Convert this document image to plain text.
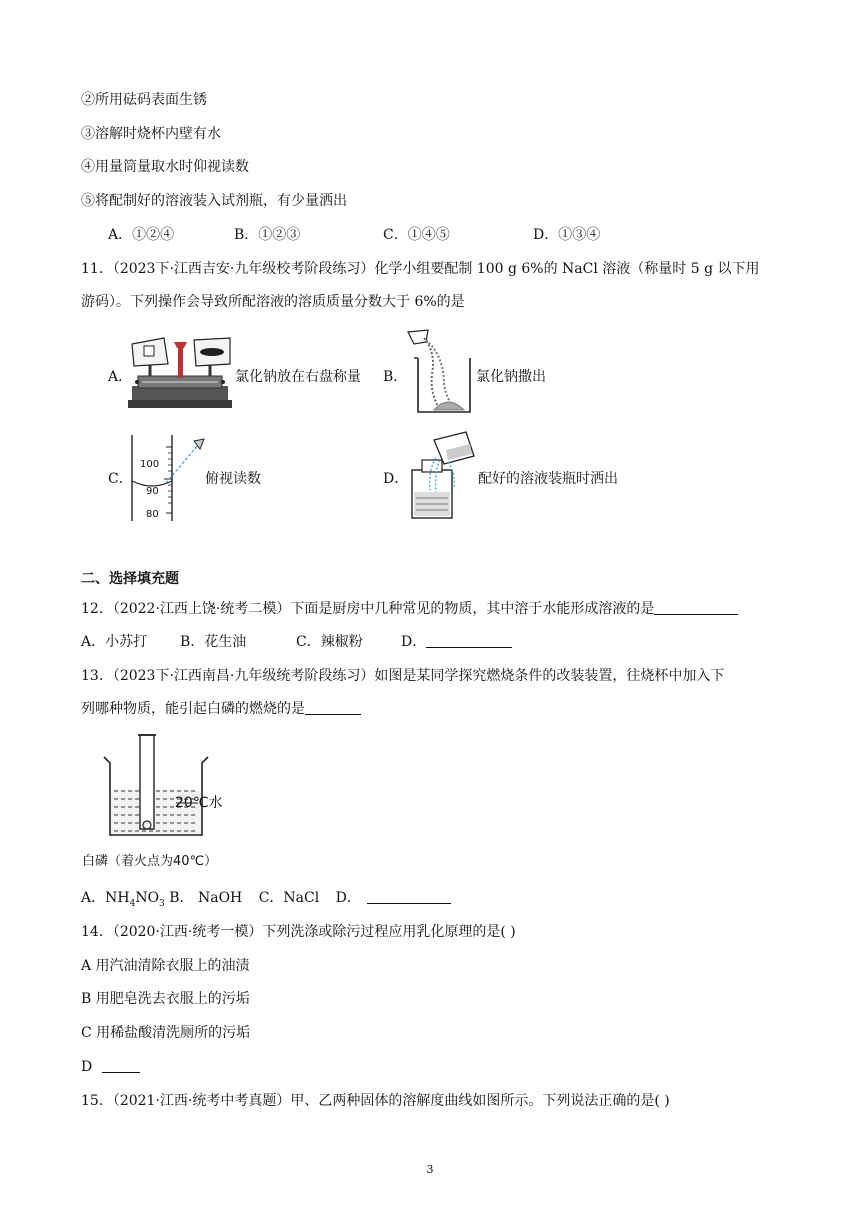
②所用砝码表面生锈
③溶解时烧杯内壁有水
④用量筒量取水时仰视读数
⑤将配制好的溶液装入试剂瓶，有少量洒出
A．①②④	B．①②③	C．①④⑤	D．①③④
11．（2023下·江西吉安·九年级校考阶段练习）化学小组要配制 100 g 6%的 NaCl 溶液（称量时 5 g 以下用
游码）。下列操作会导致所配溶液的溶质质量分数大于 6%的是
A．	氯化钠放在右盘称量 B．	氯化钠撒出
C．
100
90
80
俯视读数	D．	配好的溶液装瓶时洒出
二、选择填充题
12．（2022·江西上饶·统考二模）下面是厨房中几种常见的物质，其中溶于水能形成溶液的是
A．小苏打 B．花生油	C．辣椒粉	D．
13．（2023下·江西南昌·九年级统考阶段练习）如图是某同学探究燃烧条件的改装装置，往烧杯中加入下
列哪种物质，能引起白磷的燃烧的是
20℃水
白磷（着火点为40℃）
A．$NH_4NO_3$ B． NaOH C．NaCl D．
14．（2020·江西·统考一模）下列洗涤或除污过程应用乳化原理的是( )
A 用汽油清除衣服上的油渍
B 用肥皂洗去衣服上的污垢
C 用稀盐酸清洗厕所的污垢
D
15．（2021·江西·统考中考真题）甲、乙两种固体的溶解度曲线如图所示。下列说法正确的是( )
3
